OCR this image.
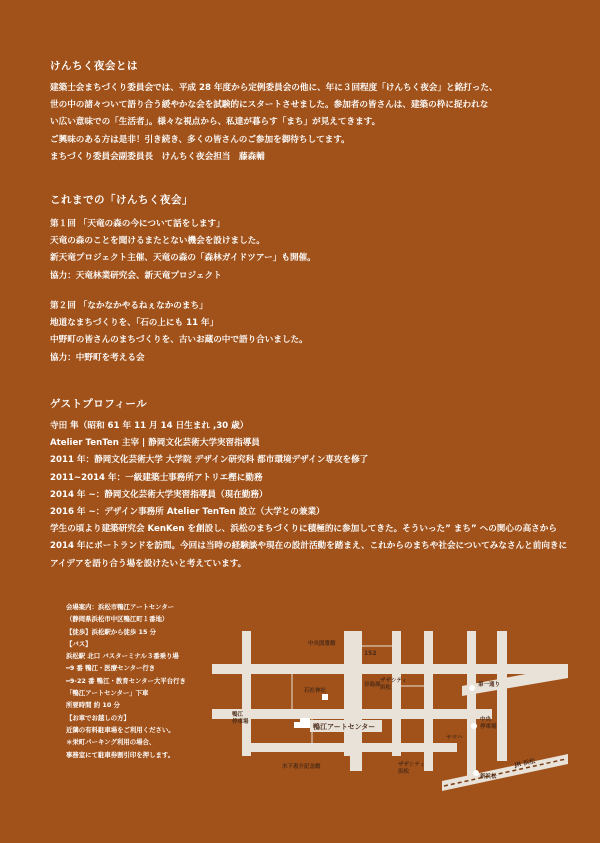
けんちく夜会とは
建築士会まちづくり委員会では、平成 28 年度から定例委員会の他に、年に３回程度「けんちく夜会」と銘打った、
世の中の諸々ついて語り合う緩やかな会を試験的にスタートさせました。参加者の皆さんは、建築の枠に捉われな
い広い意味での「生活者」。様々な視点から、私達が暮らす「まち」が見えてきます。
ご興味のある方は是非！引き続き、多くの皆さんのご参加を御待ちしてます。
まちづくり委員会副委員長　けんちく夜会担当　藤森輔
これまでの「けんちく夜会」
第１回 「天竜の森の今について話をします」
天竜の森のことを聞けるまたとない機会を設けました。
新天竜プロジェクト主催、天竜の森の「森林ガイドツアー」も開催。
協力：天竜林業研究会、新天竜プロジェクト
第２回 「なかなかやるねぇなかのまち」
地道なまちづくりを、「石の上にも 11 年」
中野町の皆さんのまちづくりを、古いお蔵の中で語り合いました。
協力：中野町を考える会
ゲストプロフィール
寺田 隼（昭和 61 年 11 月 14 日生まれ ,30 歳）
Atelier TenTen 主宰 | 静岡文化芸術大学実習指導員
2011 年：静岡文化芸術大学 大学院 デザイン研究科 都市環境デザイン専攻を修了
2011~2014 年：一級建築士事務所アトリエ樫に勤務
2014 年 ~：静岡文化芸術大学実習指導員（現在勤務）
2016 年 ~：デザイン事務所 Atelier TenTen 設立（大学との兼業）
学生の頃より建築研究会 KenKen を創設し、浜松のまちづくりに積極的に参加してきた。そういった” まち” への関心の高さから 2014 年にポートランドを訪問。今回は当時の経験談や現在の設計活動を踏まえ、これからのまちや社会についてみなさんと前向きにアイデアを語り合う場を設けたいと考えています。
会場案内：浜松市鴨江アートセンター
（静岡県浜松市中区鴨江町１番地）
【徒歩】浜松駅から徒歩 15 分
【バス】
浜松駅 北口 バスターミナル３番乗り場
━9 番 鴨江・医療センター行き
━9-22 番 鴨江・教育センター大平台行き
「鴨江アートセンター」下車
所要時間 約 10 分
【お車でお越しの方】
近隣の有料駐車場をご利用ください。
＊栄町パーキング利用の場合、
事務室にて駐車券割引印を押します。
中央図書館
152
谷島屋
石社神社
鴨江停車場
ザザシティ浜松
ヤマハ
第一通り
中央停車場
新浜松
木下恵介記念館	ザザシティ浜松
JR 浜松
鴨江アートセンター
